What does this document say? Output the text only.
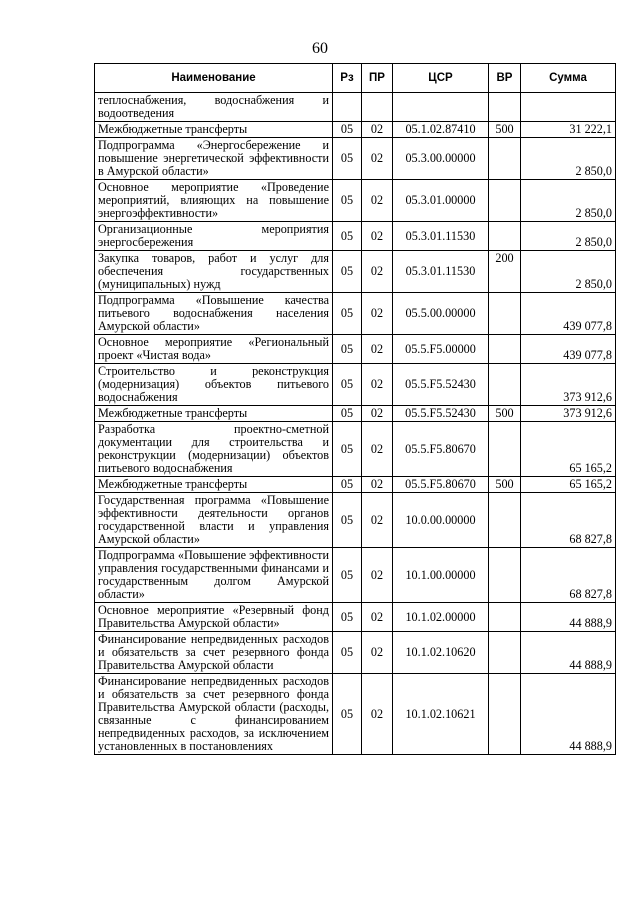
60
Наименование	Рз	ПР	ЦСР	ВР	Сумма
теплоснабжения, водоснабжения и водоотведения					
Межбюджетные трансферты	05	02	05.1.02.87410	500	31 222,1
Подпрограмма «Энергосбережение и повышение энергетической эффективности в Амурской области»	05	02	05.3.00.00000		2 850,0
Основное мероприятие «Проведение мероприятий, влияющих на повышение энергоэффективности»	05	02	05.3.01.00000		2 850,0
Организационные мероприятия энергосбережения	05	02	05.3.01.11530		2 850,0
Закупка товаров, работ и услуг для обеспечения государственных (муниципальных) нужд	05	02	05.3.01.11530	200	2 850,0
Подпрограмма «Повышение качества питьевого водоснабжения населения Амурской области»	05	02	05.5.00.00000		439 077,8
Основное мероприятие «Региональный проект «Чистая вода»	05	02	05.5.F5.00000		439 077,8
Строительство и реконструкция (модернизация) объектов питьевого водоснабжения	05	02	05.5.F5.52430		373 912,6
Межбюджетные трансферты	05	02	05.5.F5.52430	500	373 912,6
Разработка проектно-сметной документации для строительства и реконструкции (модернизации) объектов питьевого водоснабжения	05	02	05.5.F5.80670		65 165,2
Межбюджетные трансферты	05	02	05.5.F5.80670	500	65 165,2
Государственная программа «Повышение эффективности деятельности органов государственной власти и управления Амурской области»	05	02	10.0.00.00000		68 827,8
Подпрограмма «Повышение эффективности управления государственными финансами и государственным долгом Амурской области»	05	02	10.1.00.00000		68 827,8
Основное мероприятие «Резервный фонд Правительства Амурской области»	05	02	10.1.02.00000		44 888,9
Финансирование непредвиденных расходов и обязательств за счет резервного фонда Правительства Амурской области	05	02	10.1.02.10620		44 888,9
Финансирование непредвиденных расходов и обязательств за счет резервного фонда Правительства Амурской области (расходы, связанные с финансированием непредвиденных расходов, за исключением установленных в постановлениях	05	02	10.1.02.10621		44 888,9
